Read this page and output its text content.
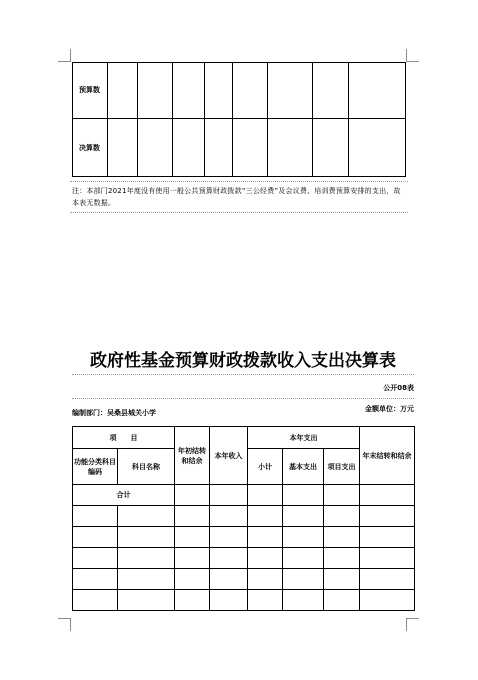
预算数
决算数
注：本部门2021年度没有使用一般公共预算财政拨款“三公经费”及会议费、培训费预算安排的支出，故本表无数据。
政府性基金预算财政拨款收入支出决算表
公开08表
编制部门：吴桑县城关小学	金额单位：万元
项　　目		年初结转和结余	本年收入	本年支出			年末结转和结余
功能分类科目编码	科目名称			小计	基本支出	项目支出	
合计							
